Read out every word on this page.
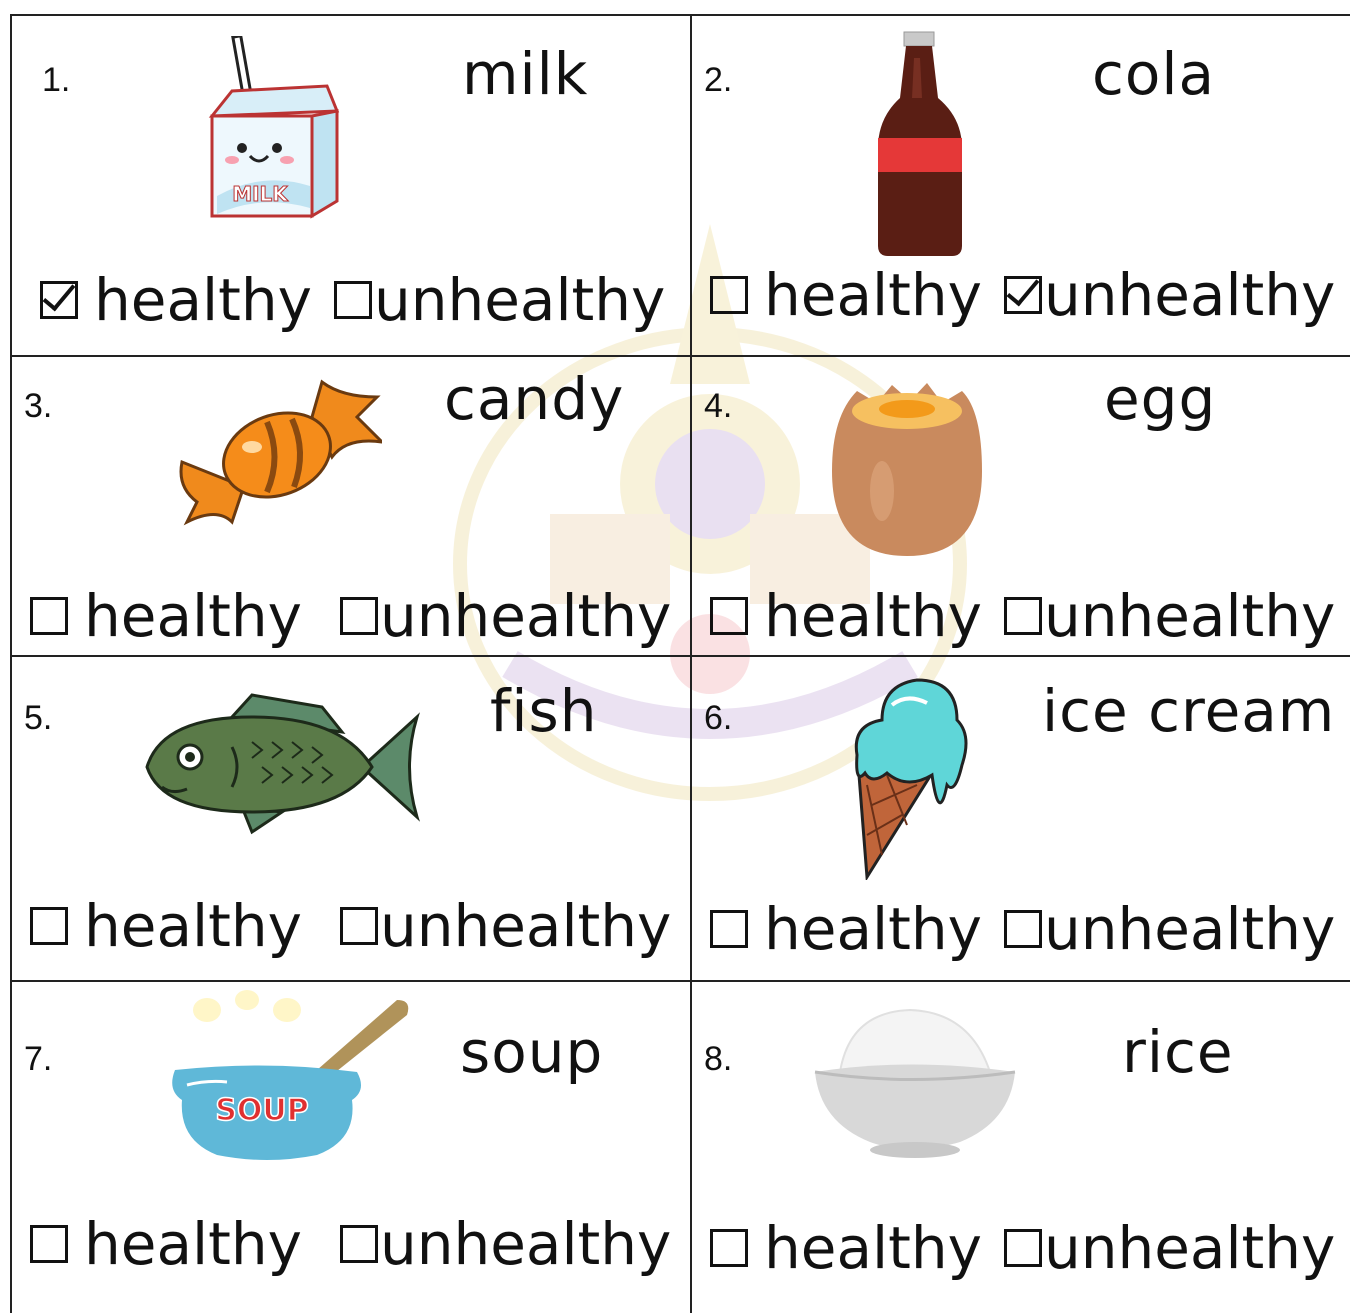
1.	milk
MILK
healthy unhealthy
2.	cola
healthy unhealthy
3.	candy
healthy unhealthy
4.	egg
healthy unhealthy
5.	fish
healthy unhealthy
6.	ice cream
healthy unhealthy
7.	soup
SOUP
healthy unhealthy
8.	rice
healthy unhealthy
